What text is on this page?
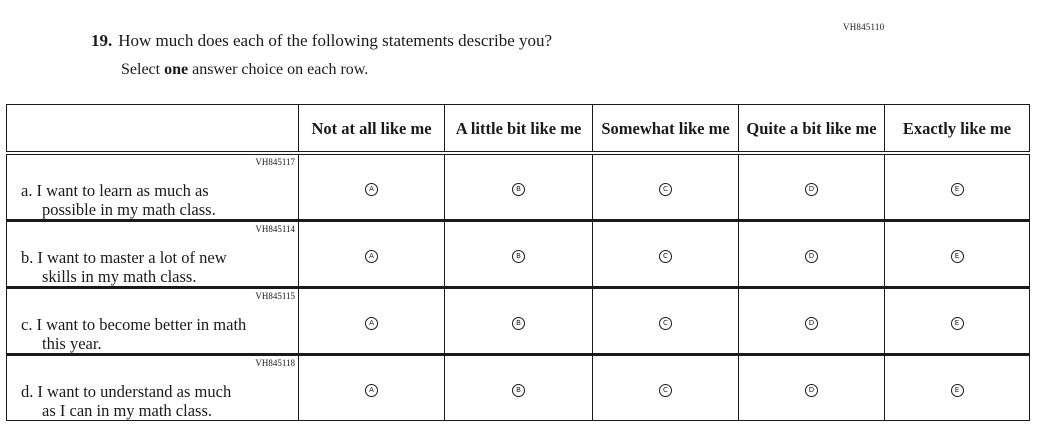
VH845110
19. How much does each of the following statements describe you?
Select one answer choice on each row.
	Not at all like me	A little bit like me	Somewhat like me	Quite a bit like me	Exactly like me

VH845117
a. I want to learn as much as
possible in my math class.	A	B	C	D	E

VH845114
b. I want to master a lot of new
skills in my math class.	A	B	C	D	E

VH845115
c. I want to become better in math
this year.	A	B	C	D	E

VH845118
d. I want to understand as much
as I can in my math class.	A	B	C	D	E
